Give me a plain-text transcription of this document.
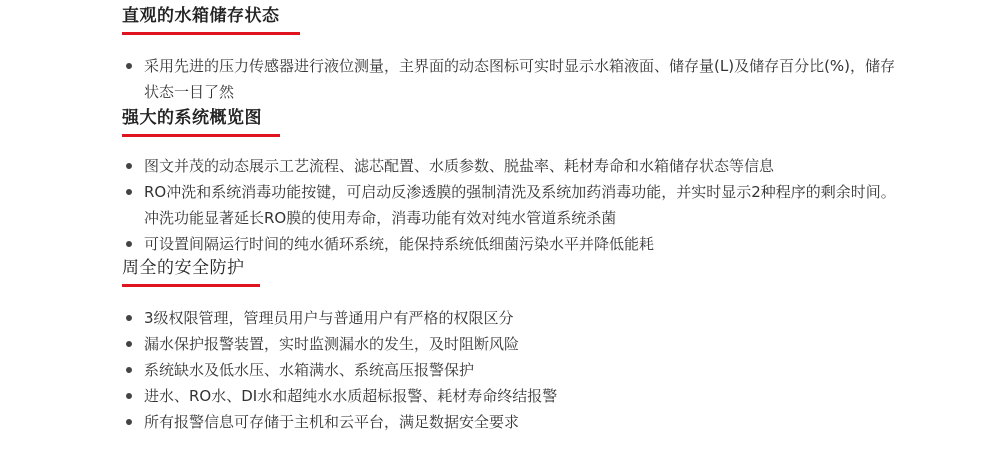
直观的水箱储存状态
采用先进的压力传感器进行液位测量，主界面的动态图标可实时显示水箱液面、储存量(L)及储存百分比(%)，储存状态一目了然
强大的系统概览图
图文并茂的动态展示工艺流程、滤芯配置、水质参数、脱盐率、耗材寿命和水箱储存状态等信息
RO冲洗和系统消毒功能按键，可启动反渗透膜的强制清洗及系统加药消毒功能，并实时显示2种程序的剩余时间。冲洗功能显著延长RO膜的使用寿命，消毒功能有效对纯水管道系统杀菌
可设置间隔运行时间的纯水循环系统，能保持系统低细菌污染水平并降低能耗
周全的安全防护
3级权限管理，管理员用户与普通用户有严格的权限区分
漏水保护报警装置，实时监测漏水的发生，及时阻断风险
系统缺水及低水压、水箱满水、系统高压报警保护
进水、RO水、DI水和超纯水水质超标报警、耗材寿命终结报警
所有报警信息可存储于主机和云平台，满足数据安全要求
